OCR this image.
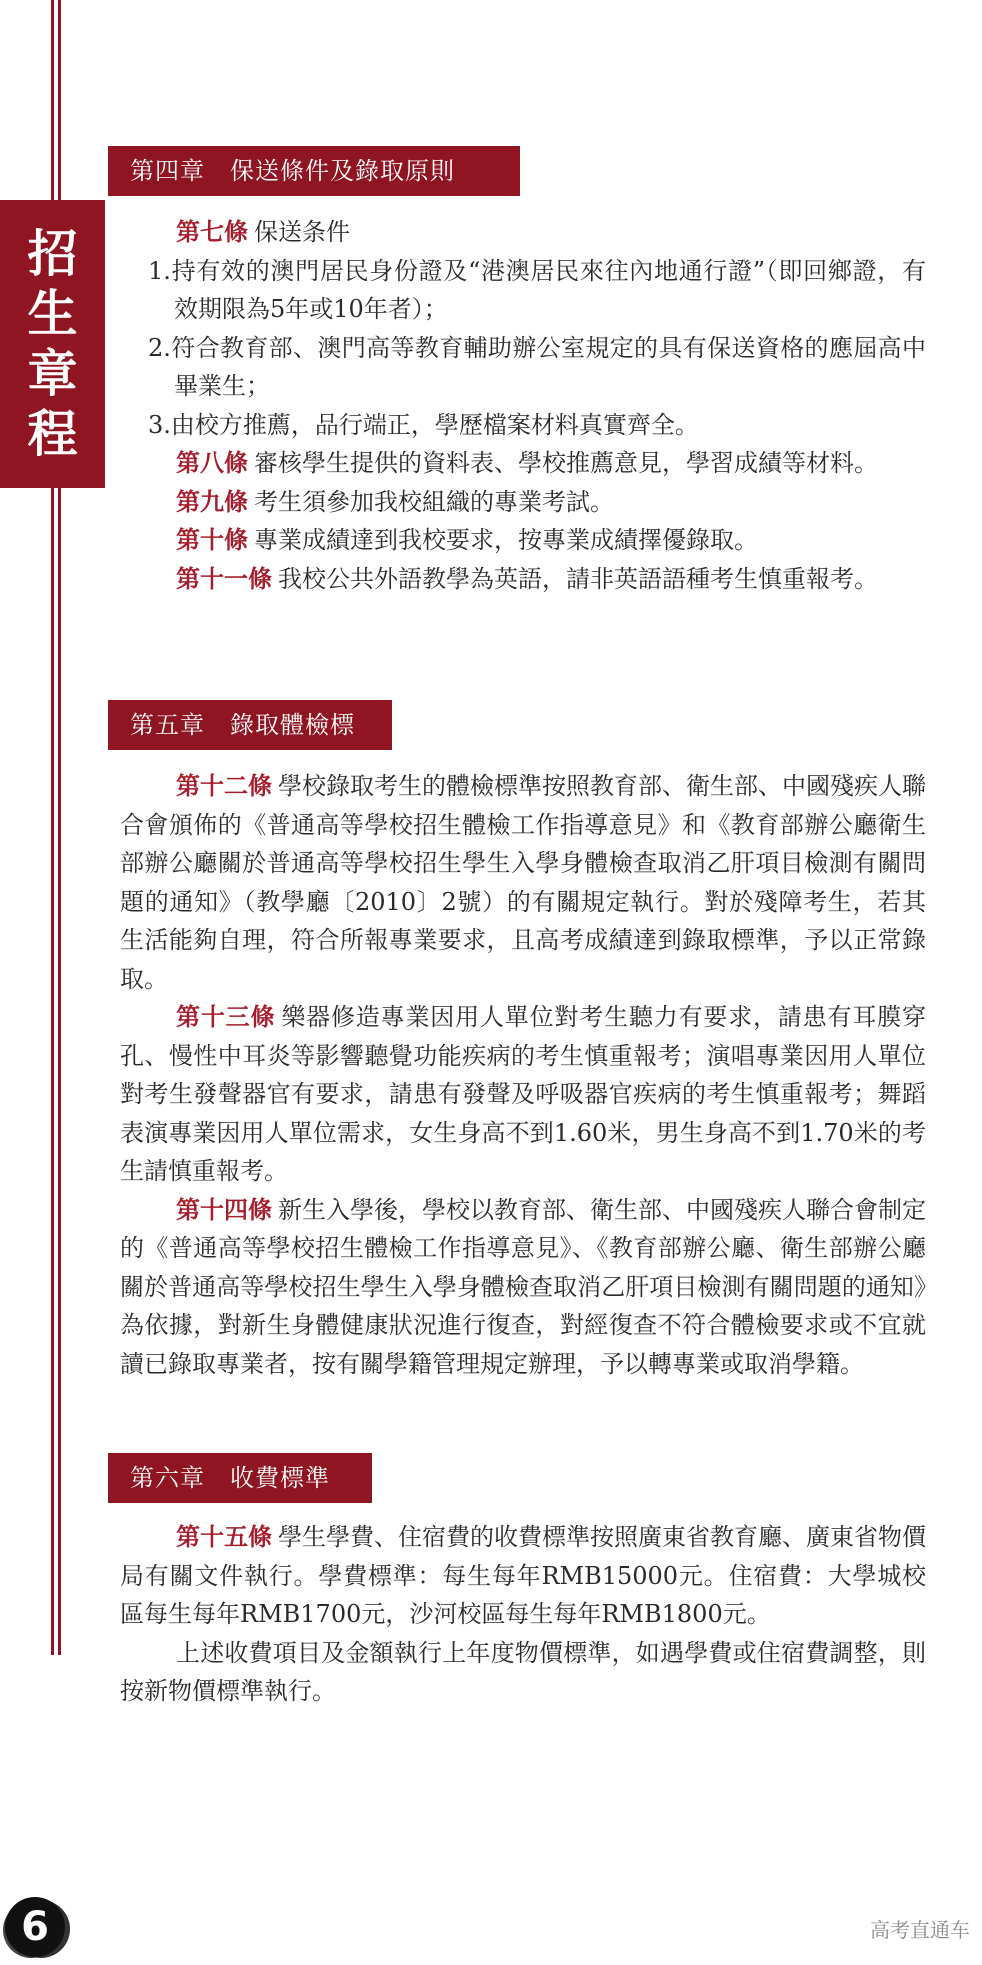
招
生
章
程
第四章　保送條件及錄取原則

第七條 保送条件

1.持有效的澳門居民身份證及“港澳居民來往內地通行證”（即回鄉證，有效期限為5年或10年者）；

2.符合教育部、澳門高等教育輔助辦公室規定的具有保送資格的應屆高中畢業生；

3.由校方推薦，品行端正，學歷檔案材料真實齊全。

第八條 審核學生提供的資料表、學校推薦意見，學習成績等材料。

第九條 考生須參加我校組織的專業考試。

第十條 專業成績達到我校要求，按專業成績擇優錄取。

第十一條 我校公共外語教學為英語，請非英語語種考生慎重報考。

第五章　錄取體檢標準 第十二條 學校錄取考生的體檢標準按照教育部、衛生部、中國殘疾人聯合會頒佈的《普通高等學校招生體檢工作指導意見》和《教育部辦公廳衛生部辦公廳關於普通高等學校招生學生入學身體檢查取消乙肝項目檢測有關問題的通知》（教學廳〔2010〕2號）的有關規定執行。對於殘障考生，若其生活能夠自理，符合所報專業要求，且高考成績達到錄取標準，予以正常錄取。

第十三條 樂器修造專業因用人單位對考生聽力有要求，請患有耳膜穿孔、慢性中耳炎等影響聽覺功能疾病的考生慎重報考；演唱專業因用人單位對考生發聲器官有要求，請患有發聲及呼吸器官疾病的考生慎重報考；舞蹈表演專業因用人單位需求，女生身高不到1.60米，男生身高不到1.70米的考生請慎重報考。

第十四條 新生入學後，學校以教育部、衛生部、中國殘疾人聯合會制定的《普通高等學校招生體檢工作指導意見》、《教育部辦公廳、衛生部辦公廳關於普通高等學校招生學生入學身體檢查取消乙肝項目檢測有關問題的通知》為依據，對新生身體健康狀況進行復查，對經復查不符合體檢要求或不宜就讀已錄取專業者，按有關學籍管理規定辦理，予以轉專業或取消學籍。

第六章　收費標準

第十五條 學生學費、住宿費的收費標準按照廣東省教育廳、廣東省物價局有關文件執行。學費標準：每生每年RMB15000元。住宿費：大學城校區每生每年RMB1700元，沙河校區每生每年RMB1800元。

上述收費項目及金額執行上年度物價標準，如遇學費或住宿費調整，則按新物價標準執行。

6	高考直通车
